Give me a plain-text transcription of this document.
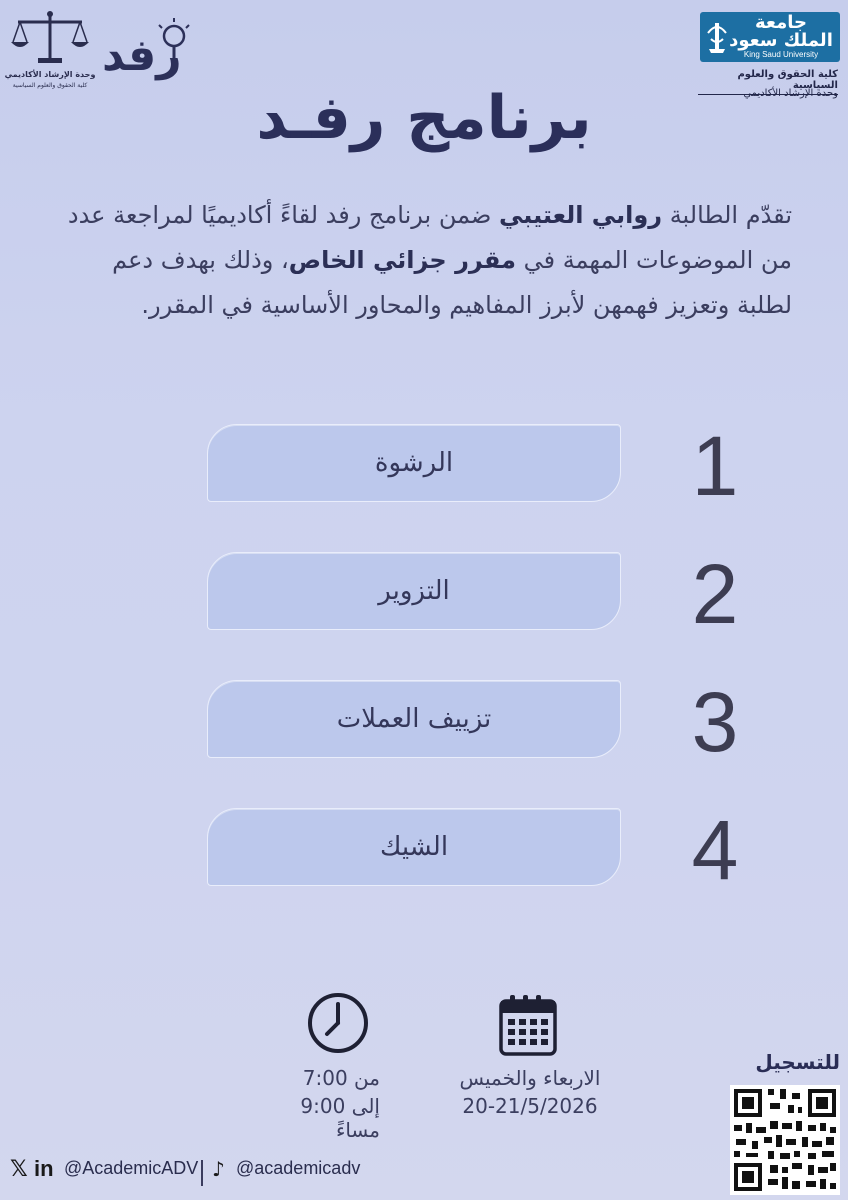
جامعة الملك سعود
King Saud University
كلية الحقوق والعلوم السياسية
وحدة الإرشاد الأكاديمي
وحدة الإرشاد الأكاديمي
كلية الحقوق والعلوم السياسية
رفد
برنامج رفـد
تقدّم الطالبة روابي العتيبي ضمن برنامج رفد لقاءً أكاديميًا لمراجعة عدد من الموضوعات المهمة في مقرر جزائي الخاص، وذلك بهدف دعم لطلبة وتعزيز فهمهن لأبرز المفاهيم والمحاور الأساسية في المقرر.
الرشوة	1
التزوير	2
تزييف العملات	3
الشيك	4
من 7:00
إلى 9:00 مساءً
الاربعاء والخميس
20-21/5/2026
للتسجيل
𝕏 in @AcademicADV ♪ @academicadv
